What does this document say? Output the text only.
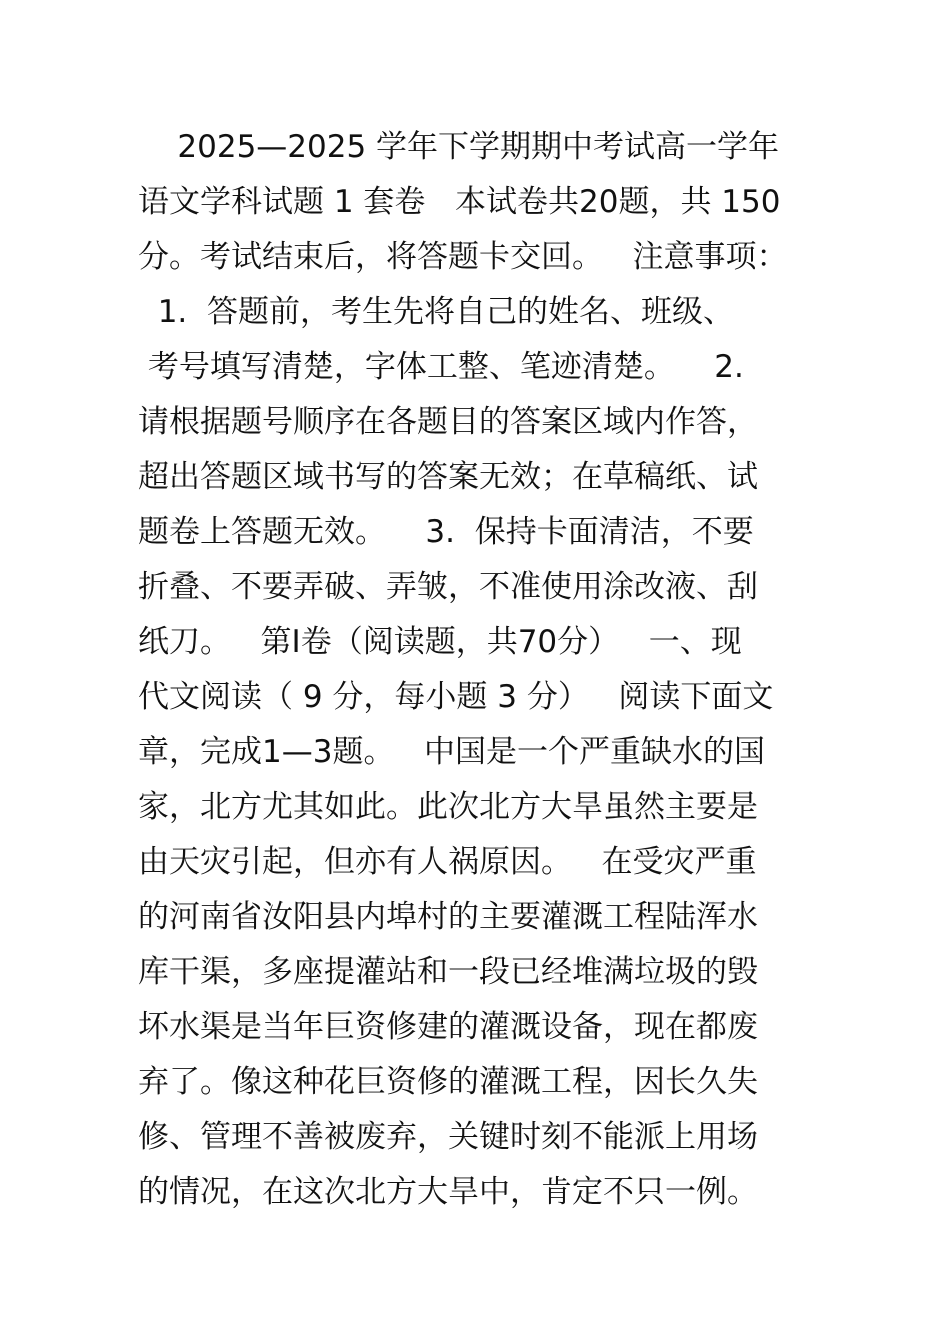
2025—2025 学年下学期期中考试高一学年
语文学科试题 1 套卷   本试卷共20题，共 150
分。考试结束后，将答题卡交回。   注意事项：
1.  答题前，考生先将自己的姓名、班级、
考号填写清楚，字体工整、笔迹清楚。    2.
请根据题号顺序在各题目的答案区域内作答，
超出答题区域书写的答案无效；在草稿纸、试
题卷上答题无效。    3.  保持卡面清洁，不要
折叠、不要弄破、弄皱，不准使用涂改液、刮
纸刀。   第Ⅰ卷（阅读题，共70分）   一、现
代文阅读（ 9 分，每小题 3 分）   阅读下面文
章，完成1—3题。   中国是一个严重缺水的国
家，北方尤其如此。此次北方大旱虽然主要是
由天灾引起，但亦有人祸原因。   在受灾严重
的河南省汝阳县内埠村的主要灌溉工程陆浑水
库干渠，多座提灌站和一段已经堆满垃圾的毁
坏水渠是当年巨资修建的灌溉设备，现在都废
弃了。像这种花巨资修的灌溉工程，因长久失
修、管理不善被废弃，关键时刻不能派上用场
的情况，在这次北方大旱中，肯定不只一例。
